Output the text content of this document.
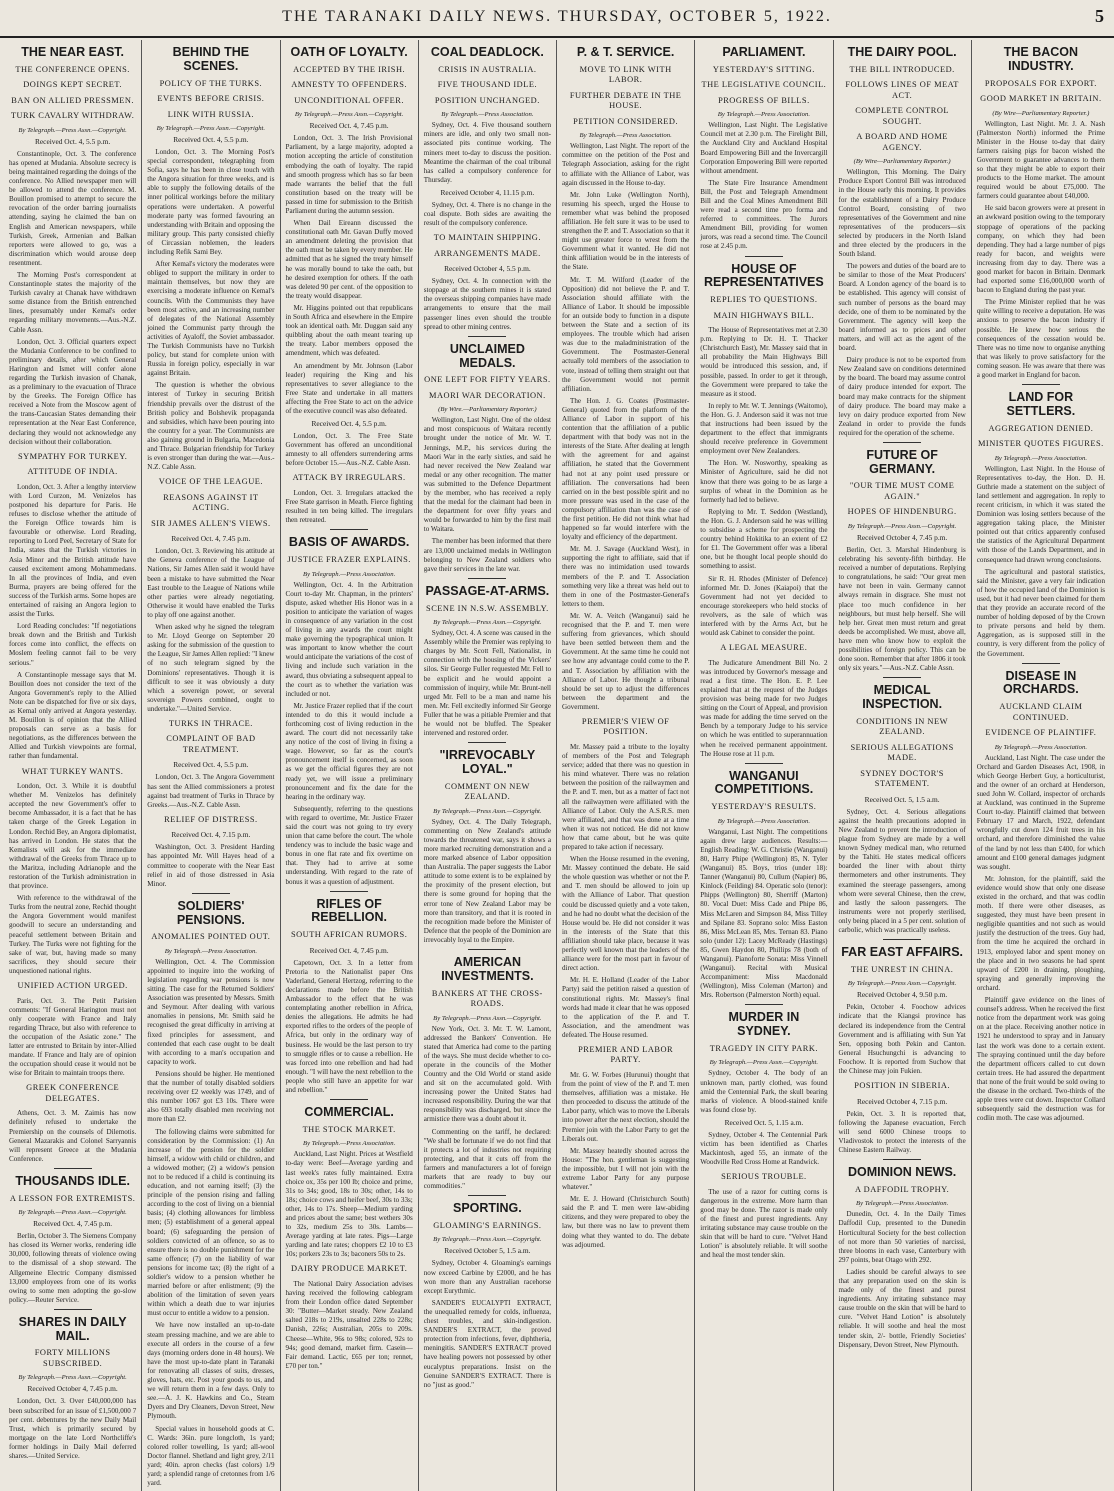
THE TARANAKI DAILY NEWS. THURSDAY, OCTOBER 5, 1922.	5
THE NEAR EAST.
THE CONFERENCE OPENS.
DOINGS KEPT SECRET.
BAN ON ALLIED PRESSMEN.
TURK CAVALRY WITHDRAW.
By Telegraph.—Press Assn.—Copyright.
Received Oct. 4, 5.5 p.m.
Constantinople, Oct. 3. The conference has opened at Mudania. Absolute secrecy is being maintained regarding the doings of the conference. No Allied newspaper men will be allowed to attend the conference. M. Bouillon promised to attempt to secure the revocation of the order barring journalists attending, saying he claimed the ban on English and American newspapers, while Turkish, Greek, Armenian and Balkan reporters were allowed to go, was a discrimination which would arouse deep resentment.
The Morning Post's correspondent at Constantinople states the majority of the Turkish cavalry at Chanak have withdrawn some distance from the British entrenched lines, presumably under Kemal's order regarding military movements.—Aus.-N.Z. Cable Assn.
London, Oct. 3. Official quarters expect the Mudania Conference to be confined to preliminary details, after which General Harington and Ismet will confer alone regarding the Turkish invasion of Chanak, as a preliminary to the evacuation of Thrace by the Greeks. The Foreign Office has received a Note from the Moscow agent of the trans-Caucasian States demanding their representation at the Near East Conference, declaring they would not acknowledge any decision without their collaboration.
SYMPATHY FOR TURKEY.
ATTITUDE OF INDIA.
London, Oct. 3. After a lengthy interview with Lord Curzon, M. Venizelos has postponed his departure for Paris. He refuses to disclose whether the attitude of the Foreign Office towards him is favourable or otherwise. Lord Reading, reporting to Lord Peel, Secretary of State for India, states that the Turkish victories in Asia Minor and the British attitude have caused excitement among Mohammedans. In all the provinces of India, and even Burma, prayers are being offered for the success of the Turkish arms. Some hopes are entertained of raising an Angora legion to assist the Turks.
Lord Reading concludes: "If negotiations break down and the British and Turkish forces come into conflict, the effects on Moslem feeling cannot fail to be very serious."
A Constantinople message says that M. Bouillon does not consider the text of the Angora Government's reply to the Allied Note can be dispatched for five or six days, as Kemal only arrived at Angora yesterday. M. Bouillon is of opinion that the Allied proposals can serve as a basis for negotiations, as the differences between the Allied and Turkish viewpoints are formal, rather than fundamental.
WHAT TURKEY WANTS.
London, Oct. 3. While it is doubtful whether M. Venizelos has definitely accepted the new Government's offer to become Ambassador, it is a fact that he has taken charge of the Greek Legation in London. Rechid Bey, an Angora diplomatist, has arrived in London. He states that the Kemalists will ask for the immediate withdrawal of the Greeks from Thrace up to the Maritza, including Adrianople and the restoration of the Turkish administration in that province.
With reference to the withdrawal of the Turks from the neutral zone, Rechid thought the Angora Government would manifest goodwill to secure an understanding and peaceful settlement between Britain and Turkey. The Turks were not fighting for the sake of war, but, having made so many sacrifices, they should secure their unquestioned national rights.
UNIFIED ACTION URGED.
Paris, Oct. 3. The Petit Parisien comments: "If General Harington must not only cooperate with France and Italy regarding Thrace, but also with reference to the occupation of the Asiatic zone." The latter are entrusted to Britain by inter-Allied mandate. If France and Italy are of opinion the occupation should cease it would not be wise for Britain to maintain troops there.
GREEK CONFERENCE DELEGATES.
Athens, Oct. 3. M. Zaimis has now definitely refused to undertake the Premiership on the counsels of Dilemotis. General Mazarakis and Colonel Sarryannis will represent Greece at the Mudania Conference.
THOUSANDS IDLE.
A LESSON FOR EXTREMISTS.
By Telegraph.—Press Assn.—Copyright.
Received Oct. 4, 7.45 p.m.
Berlin, October 3. The Siemens Company has closed its Werner works, rendering idle 30,000, following threats of violence owing to the dismissal of a shop steward. The Allgemeine Electric Company dismissed 13,000 employees from one of its works owing to some men adopting the go-slow policy.—Reuter Service.
SHARES IN DAILY MAIL.
FORTY MILLIONS SUBSCRIBED.
By Telegraph.—Press Assn.—Copyright.
Received October 4, 7.45 p.m.
London, Oct. 3. Over £40,000,000 has been subscribed for an issue of £1,500,000 7 per cent. debentures by the new Daily Mail Trust, which is primarily secured by mortgage on the late Lord Northcliffe's former holdings in Daily Mail deferred shares.—United Service.
BEHIND THE SCENES.
POLICY OF THE TURKS.
EVENTS BEFORE CRISIS.
LINK WITH RUSSIA.
By Telegraph.—Press Assn.—Copyright.
Received Oct. 4, 5.5 p.m.
London, Oct. 3. The Morning Post's special correspondent, telegraphing from Sofia, says he has been in close touch with the Angora situation for three weeks, and is able to supply the following details of the inner political workings before the military operations were undertaken. A powerful moderate party was formed favouring an understanding with Britain and opposing the military group. This party consisted chiefly of Circassian noblemen, the leaders including Refik Sami Bey.
After Kemal's victory the moderates were obliged to support the military in order to maintain themselves, but now they are exercising a moderate influence on Kemal's councils. With the Communists they have been most active, and an increasing number of delegates of the National Assembly joined the Communist party through the activities of Ayaloff, the Soviet ambassador. The Turkish Communists have no Turkish policy, but stand for complete union with Russia in foreign policy, especially in war against Britain.
The question is whether the obvious interest of Turkey in securing British friendship prevails over the distrust of the British policy and Bolshevik propaganda and subsidies, which have been pouring into the country for a year. The Communists are also gaining ground in Bulgaria, Macedonia and Thrace. Bulgarian friendship for Turkey is even stronger than during the war.—Aus.-N.Z. Cable Assn.
VOICE OF THE LEAGUE.
REASONS AGAINST IT ACTING.
SIR JAMES ALLEN'S VIEWS.
Received Oct. 4, 7.45 p.m.
London, Oct. 3. Reviewing his attitude at the Geneva conference of the League of Nations, Sir James Allen said it would have been a mistake to have submitted the Near East trouble to the League of Nations while other parties were already negotiating. Otherwise it would have enabled the Turks to play off one against another.
When asked why he signed the telegram to Mr. Lloyd George on September 20 asking for the submission of the question to the League, Sir James Allen replied: "I knew of no such telegram signed by the Dominions' representatives. Though it is difficult to see it was obviously a duty which a sovereign power, or several sovereign Powers combined, ought to undertake."—United Service.
TURKS IN THRACE.
COMPLAINT OF BAD TREATMENT.
Received Oct. 4, 5.5 p.m.
London, Oct. 3. The Angora Government has sent the Allied commissioners a protest against bad treatment of Turks in Thrace by Greeks.—Aus.-N.Z. Cable Assn.
RELIEF OF DISTRESS.
Received Oct. 4, 7.15 p.m.
Washington, Oct. 3. President Harding has appointed Mr. Will Hayes head of a committee to cooperate with the Near East relief in aid of those distressed in Asia Minor.
SOLDIERS' PENSIONS.
ANOMALIES POINTED OUT.
By Telegraph.—Press Association.
Wellington, Oct. 4. The Commission appointed to inquire into the working of legislation regarding war pensions is now sitting. The case for the Returned Soldiers' Association was presented by Messrs. Smith and Seymour. After dealing with various anomalies in pensions, Mr. Smith said he recognised the great difficulty in arriving at fixed principles for assessment, and contended that each case ought to be dealt with according to a man's occupation and capacity to work.
Pensions should be higher. He mentioned that the number of totally disabled soldiers receiving over £2 weekly was 1749, and of this number 1067 got £3 10s. There were also 693 totally disabled men receiving not more than £2.
The following claims were submitted for consideration by the Commission: (1) An increase of the pension for the soldier himself, a widow with child or children, and a widowed mother; (2) a widow's pension not to be reduced if a child is continuing its education, and not earning itself; (3) the principle of the pension rising and falling according to the cost of living on a biennial basis; (4) clothing allowances for limbless men; (5) establishment of a general appeal board; (6) safeguarding the pension of soldiers convicted of an offence, so as to ensure there is no double punishment for the same offence; (7) on the liability of war pensions for income tax; (8) the right of a soldier's widow to a pension whether he married before or after enlistment; (9) the abolition of the limitation of seven years within which a death due to war injuries must occur to entitle a widow to a pension.
We have now installed an up-to-date steam pressing machine, and we are able to execute all orders in the course of a few days (morning orders done in 48 hours). We have the most up-to-date plant in Taranaki for renovating all classes of suits, dresses, gloves, hats, etc. Post your goods to us, and we will return them in a few days. Only to see.—A. J. K. Hawkins and Co., Steam Dyers and Dry Cleaners, Devon Street, New Plymouth.
Special values in household goods at C. C. Wards: 36in. pure longcloth, 1s yard; colored roller towelling, 1s yard; all-wool Doctor flannel. Shetland and light grey, 2/11 yard; 40in. apron checks (fast colors) 1/9 yard; a splendid range of cretonnes from 1/6 yard.
OATH OF LOYALTY.
ACCEPTED BY THE IRISH.
AMNESTY TO OFFENDERS.
UNCONDITIONAL OFFER.
By Telegraph.—Press Assn.—Copyright.
Received Oct. 4, 7.45 p.m.
London, Oct. 3. The Irish Provisional Parliament, by a large majority, adopted a motion accepting the article of constitution embodying the oath of loyalty. The rapid and smooth progress which has so far been made warrants the belief that the full constitution based on the treaty will be passed in time for submission to the British Parliament during the autumn session.
When Dail Eireann discussed the constitutional oath Mr. Gavan Duffy moved an amendment deleting the provision that the oath must be taken by every member. He admitted that as he signed the treaty himself he was morally bound to take the oath, but he desired exemption for others. If the oath was deleted 90 per cent. of the opposition to the treaty would disappear.
Mr. Higgins pointed out that republicans in South Africa and elsewhere in the Empire took an identical oath. Mr. Duggan said any quibbling about the oath meant tearing up the treaty. Labor members opposed the amendment, which was defeated.
An amendment by Mr. Johnson (Labor leader) requiring the King and his representatives to sever allegiance to the Free State and undertake in all matters affecting the Free State to act on the advice of the executive council was also defeated.
Received Oct. 4, 5.5 p.m.
London, Oct. 3. The Free State Government has offered an unconditional amnesty to all offenders surrendering arms before October 15.—Aus.-N.Z. Cable Assn.
ATTACK BY IRREGULARS.
London, Oct. 3. Irregulars attacked the Free State garrison in Meath. Fierce fighting resulted in ten being killed. The irregulars then retreated.
BASIS OF AWARDS.
JUSTICE FRAZER EXPLAINS.
By Telegraph.—Press Association.
Wellington, Oct. 4. In the Arbitration Court to-day Mr. Chapman, in the printers' dispute, asked whether His Honor was in a position to anticipate the variation of wages in consequence of any variation in the cost of living in any awards the court might make governing the typographical union. It was important to know whether the court would anticipate the variations of the cost of living and include such variation in the award, thus obviating a subsequent appeal to the court as to whether the variation was included or not.
Mr. Justice Frazer replied that if the court intended to do this it would include a forthcoming cost of living reduction in the award. The court did not necessarily take any notice of the cost of living in fixing a wage. However, so far as the court's pronouncement itself is concerned, as soon as we get the official figures they are not ready yet, we will issue a preliminary pronouncement and fix the date for the hearing in the ordinary way.
Subsequently, referring to the questions with regard to overtime, Mr. Justice Frazer said the court was not going to try every union that came before the court. The whole tendency was to include the basic wage and bonus in one flat rate and fix overtime on that. They had to arrive at some understanding. With regard to the rate of bonus it was a question of adjustment.
RIFLES OF REBELLION.
SOUTH AFRICAN RUMORS.
Received Oct. 4, 7.45 p.m.
Capetown, Oct. 3. In a letter from Pretoria to the Nationalist paper Ons Vaderland, General Hertzog, referring to the declarations made before the British Ambassador to the effect that he was contemplating another rebellion in Africa, denies the allegations. He admits he had exported rifles to the orders of the people of Africa, but only in the ordinary way of business. He would be the last person to try to smuggle rifles or to cause a rebellion. He was forced into one rebellion and had had enough. "I will have the next rebellion to the people who still have an appetite for war and rebellion."
COMMERCIAL.
THE STOCK MARKET.
By Telegraph.—Press Association.
Auckland, Last Night. Prices at Westfield to-day were: Beef—Average yarding and last week's rates fully maintained. Extra choice ox, 35s per 100 lb; choice and prime, 31s to 34s; good, 18s to 30s; other, 14s to 18s; choice cows and heifer beef, 30s to 33s; other, 14s to 17s. Sheep—Medium yarding and prices about the same; best wethers 30s to 32s, medium 25s to 30s. Lambs—Average yarding at late rates. Pigs—Large yarding and late rates; choppers £2 10 to £3 10s; porkers 23s to 3s; baconers 50s to 2s.
DAIRY PRODUCE MARKET.
The National Dairy Association advises having received the following cablegram from their London office dated September 30: "Butter—Market steady. New Zealand salted 218s to 219s, unsalted 228s to 228s; Danish, 226s; Australian, 205s to 209s. Cheese—White, 96s to 98s; colored, 92s to 94s; good demand, market firm. Casein—Fair demand. Lactic, £65 per ton; rennet, £70 per ton."
COAL DEADLOCK.
CRISIS IN AUSTRALIA.
FIVE THOUSAND IDLE.
POSITION UNCHANGED.
By Telegraph.—Press Association.
Sydney, Oct. 4. Five thousand southern miners are idle, and only two small non-associated pits continue working. The miners meet to-day to discuss the position. Meantime the chairman of the coal tribunal has called a compulsory conference for Thursday.
Received October 4, 11.15 p.m.
Sydney, Oct. 4. There is no change in the coal dispute. Both sides are awaiting the result of the compulsory conference.
TO MAINTAIN SHIPPING.
ARRANGEMENTS MADE.
Received October 4, 5.5 p.m.
Sydney, Oct. 4. In connection with the stoppage at the southern mines it is stated the overseas shipping companies have made arrangements to ensure that the mail passenger lines even should the trouble spread to other mining centres.
UNCLAIMED MEDALS.
ONE LEFT FOR FIFTY YEARS.
MAORI WAR DECORATION.
(By Wire.—Parliamentary Reporter.)
Wellington, Last Night. One of the oldest and most conspicuous of Waitara recently brought under the notice of Mr. W. T. Jennings, M.P., his services during the Maori War in the early sixties, and said he had never received the New Zealand war medal or any other recognition. The matter was submitted to the Defence Department by the member, who has received a reply that the medal for the claimant had been in the department for over fifty years and would be forwarded to him by the first mail to Waitara.
The member has been informed that there are 13,000 unclaimed medals in Wellington belonging to New Zealand soldiers who gave their services in the late war.
PASSAGE-AT-ARMS.
SCENE IN N.S.W. ASSEMBLY.
By Telegraph.—Press Assn.—Copyright.
Sydney, Oct. 4. A scene was caused in the Assembly while the Premier was replying to charges by Mr. Scott Fell, Nationalist, in connection with the housing of the Vickers' silos. Sir George Fuller requested Mr. Fell to be explicit and he would appoint a commission of inquiry, while Mr. Brunt-nell urged Mr. Fell to be a man and name his men. Mr. Fell excitedly informed Sir George Fuller that he was a pitiable Premier and that he would not be bluffed. The Speaker intervened and restored order.
"IRREVOCABLY LOYAL."
COMMENT ON NEW ZEALAND.
By Telegraph.—Press Assn.—Copyright.
Sydney, Oct. 4. The Daily Telegraph, commenting on New Zealand's attitude towards the threatened war, says it shows a more marked recruiting demonstration and a more marked absence of Labor opposition than Australia. The paper suggests the Labor attitude to some extent is to be explained by the proximity of the present election, but there is some ground for hoping that the error tone of New Zealand Labor may be more than transitory, and that it is rooted in the recognition made before the Minister of Defence that the people of the Dominion are irrevocably loyal to the Empire.
AMERICAN INVESTMENTS.
BANKERS AT THE CROSS-ROADS.
By Telegraph.—Press Assn.—Copyright.
New York, Oct. 3. Mr. T. W. Lamont, addressed the Bankers' Convention. He stated that America had come to the parting of the ways. She must decide whether to co-operate in the councils of the Mother Country and the Old World or stand aside and sit on the accumulated gold. With increasing power the United States had increased responsibility. During the war that responsibility was discharged, but since the armistice there was a doubt about it.
Commenting on the tariff, he declared: "We shall be fortunate if we do not find that it protects a lot of industries not requiring protecting, and that it cuts off from the farmers and manufacturers a lot of foreign markets that are ready to buy our commodities."
SPORTING.
GLOAMING'S EARNINGS.
By Telegraph.—Press Assn.—Copyright.
Received October 5, 1.5 a.m.
Sydney, October 4. Gloaming's earnings now exceed Carbine by £2000, and he has won more than any Australian racehorse except Eurythmic.
SANDER'S EUCALYPTI EXTRACT, the unequalled remedy for colds, influenza, chest troubles, and skin-indigestion. SANDER'S EXTRACT, the proved protection from infections, fever, diphtheria, meningitis. SANDER'S EXTRACT proved have healing powers not possessed by other eucalyptus preparations. Insist on the Genuine SANDER'S EXTRACT. There is no "just as good."
P. & T. SERVICE.
MOVE TO LINK WITH LABOR.
FURTHER DEBATE IN THE HOUSE.
PETITION CONSIDERED.
By Telegraph.—Press Association.
Wellington, Last Night. The report of the committee on the petition of the Post and Telegraph Association, asking for the right to affiliate with the Alliance of Labor, was again discussed in the House to-day.
Mr. John Luke (Wellington North), resuming his speech, urged the House to remember what was behind the proposed affiliation. He felt sure it was to be used to strengthen the P. and T. Association so that it might use greater force to wrest from the Government what it wanted. He did not think affiliation would be in the interests of the State.
Mr. T. M. Wilford (Leader of the Opposition) did not believe the P. and T. Association should affiliate with the Alliance of Labor. It should be impossible for an outside body to function in a dispute between the State and a section of its employees. The trouble which had arisen was due to the maladministration of the Government. The Postmaster-General actually told members of the association to vote, instead of telling them straight out that the Government would not permit affiliation.
The Hon. J. G. Coates (Postmaster-General) quoted from the platform of the Alliance of Labor in support of his contention that the affiliation of a public department with that body was not in the interests of the State. After dealing at length with the agreement for and against affiliation, he stated that the Government had not at any point used pressure or affiliation. The conversations had been carried on in the best possible spirit and no more pressure was used in the case of the compulsory affiliation than was the case of the first petition. He did not think what had happened so far would interfere with the loyalty and efficiency of the department.
Mr. M. J. Savage (Auckland West), in supporting the right to affiliate, said that if there was no intimidation used towards members of the P. and T. Association something very like a threat was held out to them in one of the Postmaster-General's letters to them.
Mr. W. A. Veitch (Wanganui) said he recognised that the P. and T. men were suffering from grievances, which should have been settled between them and the Government. At the same time he could not see how any advantage could come to the P. and T. Association by affiliation with the Alliance of Labor. He thought a tribunal should be set up to adjust the differences between the department and the Government.
PREMIER'S VIEW OF POSITION.
Mr. Massey paid a tribute to the loyalty of members of the Post and Telegraph service; added that there was no question in his mind whatever. There was no relation between the position of the railwaymen and the P. and T. men, but as a matter of fact not all the railwaymen were affiliated with the Alliance of Labor. Only the A.S.R.S. men were affiliated, and that was done at a time when it was not noticed. He did not know how that came about, but he was quite prepared to take action if necessary.
When the House resumed in the evening, Mr. Massey continued the debate. He said the whole question was whether or not the P. and T. men should be allowed to join up with the Alliance of Labor. That question could be discussed quietly and a vote taken, and he had no doubt what the decision of the House would be. He did not consider it was in the interests of the State that this affiliation should take place, because it was perfectly well known that the leaders of the alliance were for the most part in favour of direct action.
Mr. H. E. Holland (Leader of the Labor Party) said the petition raised a question of constitutional rights. Mr. Massey's final words had made it clear that he was opposed to the application of the P. and T. Association, and the amendment was defeated. The House resumed.
PREMIER AND LABOR PARTY.
Mr. G. W. Forbes (Hurunui) thought that from the point of view of the P. and T. men themselves, affiliation was a mistake. He then proceeded to discuss the attitude of the Labor party, which was to move the Liberals into power after the next election, should the Premier join with the Labor Party to get the Liberals out.
Mr. Massey heatedly shouted across the House: "The hon. gentleman is suggesting the impossible, but I will not join with the extreme Labor Party for any purpose whatever."
Mr. E. J. Howard (Christchurch South) said the P. and T. men were law-abiding citizens, and they were prepared to obey the law, but there was no law to prevent them doing what they wanted to do. The debate was adjourned.
PARLIAMENT.
YESTERDAY'S SITTING.
THE LEGISLATIVE COUNCIL.
PROGRESS OF BILLS.
By Telegraph.—Press Association.
Wellington, Last Night. The Legislative Council met at 2.30 p.m. The Firelight Bill, the Auckland City and Auckland Hospital Board Empowering Bill and the Invercargill Corporation Empowering Bill were reported without amendment.
The State Fire Insurance Amendment Bill, the Post and Telegraph Amendment Bill and the Coal Mines Amendment Bill were read a second time pro forma and referred to committees. The Jurors Amendment Bill, providing for women jurors, was read a second time. The Council rose at 2.45 p.m.
HOUSE OF REPRESENTATIVES
REPLIES TO QUESTIONS.
MAIN HIGHWAYS BILL.
The House of Representatives met at 2.30 p.m. Replying to Dr. H. T. Thacker (Christchurch East), Mr. Massey said that in all probability the Main Highways Bill would be introduced this session, and, if possible, passed. In order to get it through, the Government were prepared to take the measure as it stood.
In reply to Mr. W. T. Jennings (Waitomo), the Hon. G. J. Anderson said it was not true that instructions had been issued by the department to the effect that immigrants should receive preference in Government employment over New Zealanders.
The Hon. W. Nosworthy, speaking as Minister of Agriculture, said he did not know that there was going to be as large a surplus of wheat in the Dominion as he formerly had led to believe.
Replying to Mr. T. Seddon (Westland), the Hon. G. J. Anderson said he was willing to subsidise a scheme for prospecting the country behind Hokitika to an extent of £2 for £1. The Government offer was a liberal one, but he thought local people should do something to assist.
Sir R. H. Rhodes (Minister of Defence) informed Mr. D. Jones (Kaiapoi) that the Government had not yet decided to encourage storekeepers who held stocks of revolvers, as the sale of which was interfered with by the Arms Act, but he would ask Cabinet to consider the point.
A LEGAL MEASURE.
The Judicature Amendment Bill No. 2 was introduced by Governor's message and read a first time. The Hon. E. P. Lee explained that at the request of the Judges provision was being made for two Judges sitting on the Court of Appeal, and provision was made for adding the time served on the Bench by a temporary Judge to his service on which he was entitled to superannuation when he received permanent appointment. The House rose at 11 p.m.
WANGANUI COMPETITIONS.
YESTERDAY'S RESULTS.
By Telegraph.—Press Association.
Wanganui, Last Night. The competitions again drew large audiences. Results:— English Reading: W. G. Christie (Wanganui) 80, Harry Phipe (Wellington) 85, N. Tyler (Wanganui) 85. Boys, trios (under 18): Tanner (Wanganui) 80, Cullum (Napier) 86, Kinlock (Feilding) 84. Operatic solo (tenor): Phipps (Wellington) 80, Sherriff (Marton) 80. Vocal Duet: Miss Cade and Phipe 86, Miss McLaren and Simpson 84, Miss Tilley and Spilane 83. Soprano solo: Miss Easton 86, Miss McLean 85, Mrs. Ternan 83. Piano solo (under 12): Lacey McReady (Hastings) 85, Gwen Haydon 80, Phillips 78 (both of Wanganui). Pianoforte Sonata: Miss Vinnell (Wanganui). Recital with Musical Accompaniment: Miss Macdonald (Wellington), Miss Coleman (Marton) and Mrs. Robertson (Palmerston North) equal.
MURDER IN SYDNEY.
TRAGEDY IN CITY PARK.
By Telegraph.—Press Assn.—Copyright.
Sydney, October 4. The body of an unknown man, partly clothed, was found amid the Centennial Park, the skull bearing marks of violence. A blood-stained knife was found close by.
Received Oct. 5, 1.15 a.m.
Sydney, October 4. The Centennial Park victim has been identified as Charles Mackintosh, aged 55, an inmate of the Woodville Red Cross Home at Randwick.
SERIOUS TROUBLE.
The use of a razor for cutting corns is dangerous in the extreme. More harm than good may be done. The razor is made only of the finest and purest ingredients. Any irritating substance may cause trouble on the skin that will be hard to cure. "Velvet Hand Lotion" is absolutely reliable. It will soothe and heal the most tender skin.
THE DAIRY POOL.
THE BILL INTRODUCED.
FOLLOWS LINES OF MEAT ACT.
COMPLETE CONTROL SOUGHT.
A BOARD AND HOME AGENCY.
(By Wire—Parliamentary Reporter.)
Wellington, This Morning. The Dairy Produce Export Control Bill was introduced in the House early this morning. It provides for the establishment of a Dairy Produce Control Board, consisting of two representatives of the Government and nine representatives of the producers—six selected by producers in the North Island and three elected by the producers in the South Island.
The powers and duties of the board are to be similar to those of the Meat Producers' Board. A London agency of the board is to be established. This agency will consist of such number of persons as the board may decide, one of them to be nominated by the Government. The agency will keep the board informed as to prices and other matters, and will act as the agent of the board.
Dairy produce is not to be exported from New Zealand save on conditions determined by the board. The board may assume control of dairy produce intended for export. The board may make contracts for the shipment of dairy produce. The board may make a levy on dairy produce exported from New Zealand in order to provide the funds required for the operation of the scheme.
FUTURE OF GERMANY.
"OUR TIME MUST COME AGAIN."
HOPES OF HINDENBURG.
By Telegraph.—Press Assn.—Copyright.
Received October 4, 7.45 p.m.
Berlin, Oct. 3. Marshal Hindenburg is celebrating his seventy-fifth birthday. He received a number of deputations. Replying to congratulations, he said: "Our great men have not been in vain. Germany cannot always remain in disgrace. She must not place too much confidence in her neighbours, but must help herself. She will help her. Great men must return and great deeds be accomplished. We must, above all, have men who know how to exploit the possibilities of foreign policy. This can be done soon. Remember that after 1806 it took only six years."—Aus.-N.Z. Cable Assn.
MEDICAL INSPECTION.
CONDITIONS IN NEW ZEALAND.
SERIOUS ALLEGATIONS MADE.
SYDNEY DOCTOR'S STATEMENT.
Received Oct. 5, 1.5 a.m.
Sydney, Oct. 4. Serious allegations against the health precautions adopted in New Zealand to prevent the introduction of plague from Sydney are made by a well known Sydney medical man, who returned by the Tahiti. He states medical officers boarded the liner with about thirty thermometers and other instruments. They examined the steerage passengers, among whom were several Chinese, then the crew, and lastly the saloon passengers. The instruments were not properly sterilised, only being placed in a 5 per cent. solution of carbolic, which was practically useless.
FAR EAST AFFAIRS.
THE UNREST IN CHINA.
By Telegraph.—Press Assn.—Copyright.
Received October 4, 9.50 p.m.
Pekin, October 4. Foochow advices indicate that the Kiangsi province has declared its independence from the Central Government and is affiliating with Sun Yat Sen, opposing both Pekin and Canton. General Hsuchungchi is advancing to Foochow. It is reported from Suchow that the Chinese may join Fukien.
POSITION IN SIBERIA.
Received October 4, 7.15 p.m.
Pekin, Oct. 3. It is reported that, following the Japanese evacuation, Ferch will send 6000 Chinese troops to Vladivostok to protect the interests of the Chinese Eastern Railway.
DOMINION NEWS.
A DAFFODIL TROPHY.
By Telegraph.—Press Association.
Dunedin, Oct. 4. In the Daily Times Daffodil Cup, presented to the Dunedin Horticultural Society for the best collection of not more than 50 varieties of narcissi, three blooms in each vase, Canterbury with 297 points, beat Otago with 292.
Ladies should be careful always to see that any preparation used on the skin is made only of the finest and purest ingredients. Any irritating substance may cause trouble on the skin that will be hard to cure. "Velvet Hand Lotion" is absolutely reliable. It will soothe and heal the most tender skin, 2/- bottle, Friendly Societies' Dispensary, Devon Street, New Plymouth.
THE BACON INDUSTRY.
PROPOSALS FOR EXPORT.
GOOD MARKET IN BRITAIN.
(By Wire—Parliamentary Reporter.)
Wellington, Last Night. Mr. J. A. Nash (Palmerston North) informed the Prime Minister in the House to-day that dairy farmers raising pigs for bacon wished the Government to guarantee advances to them so that they might be able to export their products to the Home market. The amount required would be about £75,000. The farmers could guarantee about £40,000.
He said bacon growers were at present in an awkward position owing to the temporary stoppage of operations of the packing company, on which they had been depending. They had a large number of pigs ready for bacon, and weights were increasing from day to day. There was a good market for bacon in Britain. Denmark had exported some £16,000,000 worth of bacon to England during the past year.
The Prime Minister replied that he was quite willing to receive a deputation. He was anxious to preserve the bacon industry if possible. He knew how serious the consequences of the cessation would be. There was no time now to organise anything that was likely to prove satisfactory for the coming season. He was aware that there was a good market in England for bacon.
LAND FOR SETTLERS.
AGGREGATION DENIED.
MINISTER QUOTES FIGURES.
By Telegraph.—Press Association.
Wellington, Last Night. In the House of Representatives to-day, the Hon. D. H. Guthrie made a statement on the subject of land settlement and aggregation. In reply to recent criticism, in which it was stated the Dominion was losing settlers because of the aggregation taking place, the Minister pointed out that critics apparently confused the statistics of the Agricultural Department with those of the Lands Department, and in consequence had drawn wrong conclusions.
The agricultural and pastoral statistics, said the Minister, gave a very fair indication of how the occupied land of the Dominion is used, but it had never been claimed for them that they provide an accurate record of the number of holding deposed of by the Crown to private persons and held by them. Aggregation, as is supposed still in the country, is very different from the policy of the Government.
DISEASE IN ORCHARDS.
AUCKLAND CLAIM CONTINUED.
EVIDENCE OF PLAINTIFF.
By Telegraph.—Press Association.
Auckland, Last Night. The case under the Orchard and Garden Diseases Act, 1908, in which George Herbert Guy, a horticulturist, and the owner of an orchard at Henderson, sued John W. Collard, inspector of orchards at Auckland, was continued in the Supreme Court to-day. Plaintiff claimed that between February 17 and March, 1922, defendant wrongfully cut down 124 fruit trees in his orchard, and therefore diminished the value of the land by not less than £400, for which amount and £100 general damages judgment was sought.
Mr. Johnston, for the plaintiff, said the evidence would show that only one disease existed in the orchard, and that was codlin moth. If there were other diseases, as suggested, they must have been present in negligible quantities and not such as would justify the destruction of the trees. Guy had, from the time he acquired the orchard in 1913, employed labor and spent money on the place and in two seasons he had spent upward of £200 in draining, ploughing, spraying and generally improving the orchard.
Plaintiff gave evidence on the lines of counsel's address. When he received the first notice from the department work was going on at the place. Receiving another notice in 1921 he understood to spray and in January last the work was done to a certain extent. The spraying continued until the day before the department officers called to cut down certain trees. He had assured the department that none of the fruit would be sold owing to the disease in the orchard. Two-thirds of the apple trees were cut down. Inspector Collard subsequently said the destruction was for codlin moth. The case was adjourned.
